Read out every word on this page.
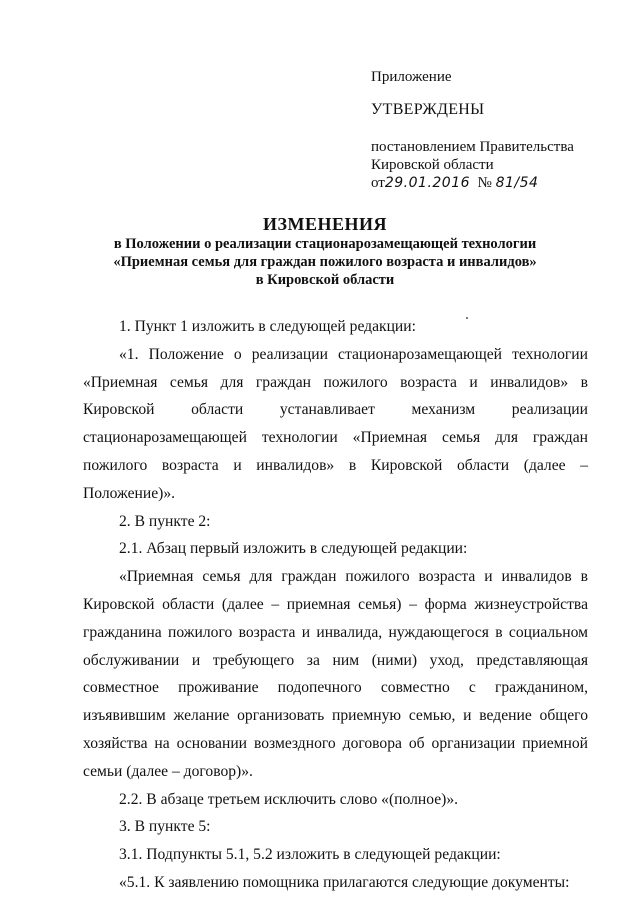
Приложение
УТВЕРЖДЕНЫ
постановлением Правительства
Кировской области
от29.01.2016 № 81/54
ИЗМЕНЕНИЯ
в Положении о реализации стационарозамещающей технологии
«Приемная семья для граждан пожилого возраста и инвалидов»
в Кировской области

1. Пункт 1 изложить в следующей редакции:

«1. Положение о реализации стационарозамещающей технологии «Приемная семья для граждан пожилого возраста и инвалидов» в Кировской области устанавливает механизм реализации стационарозамещающей технологии «Приемная семья для граждан пожилого возраста и инвалидов» в Кировской области (далее – Положение)».

2. В пункте 2:

2.1. Абзац первый изложить в следующей редакции:

«Приемная семья для граждан пожилого возраста и инвалидов в Кировской области (далее – приемная семья) – форма жизнеустройства гражданина пожилого возраста и инвалида, нуждающегося в социальном обслуживании и требующего за ним (ними) уход, представляющая совместное проживание подопечного совместно с гражданином, изъявившим желание организовать приемную семью, и ведение общего хозяйства на основании возмездного договора об организации приемной семьи (далее – договор)».

2.2. В абзаце третьем исключить слово «(полное)».

3. В пункте 5:

3.1. Подпункты 5.1, 5.2 изложить в следующей редакции:

«5.1. К заявлению помощника прилагаются следующие документы:
